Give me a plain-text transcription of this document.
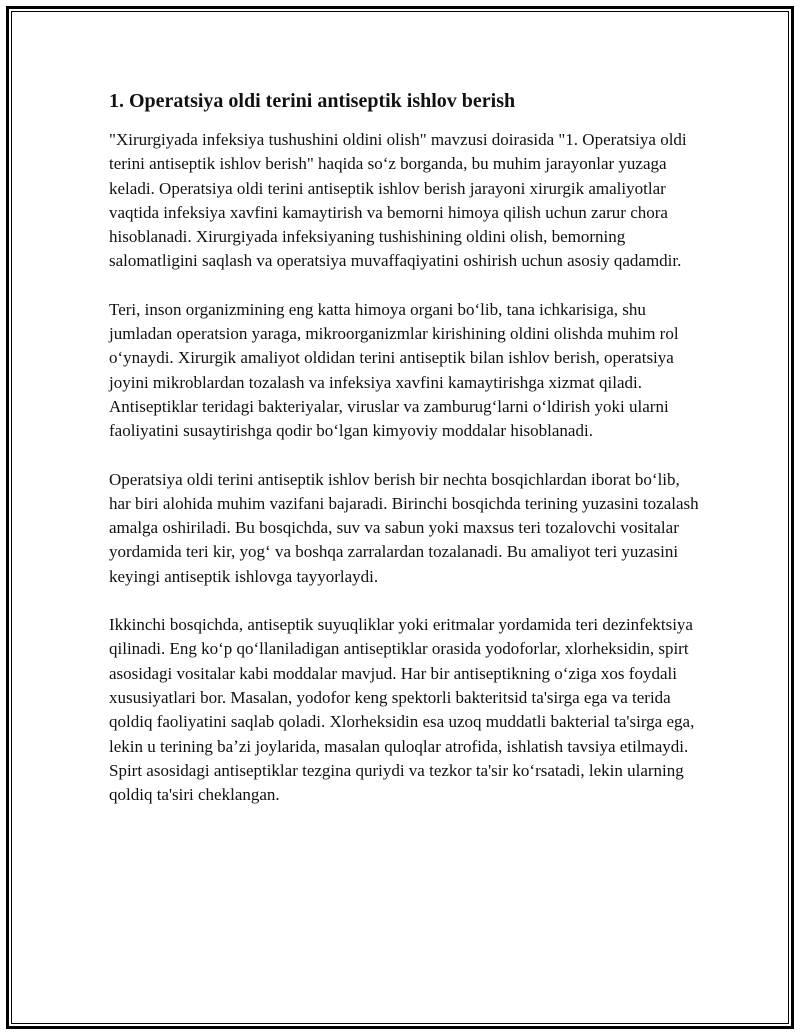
1. Operatsiya oldi terini antiseptik ishlov berish

"Xirurgiyada infeksiya tushushini oldini olish" mavzusi doirasida "1. Operatsiya oldi terini antiseptik ishlov berish" haqida soʻz borganda, bu muhim jarayonlar yuzaga keladi. Operatsiya oldi terini antiseptik ishlov berish jarayoni xirurgik amaliyotlar vaqtida infeksiya xavfini kamaytirish va bemorni himoya qilish uchun zarur chora hisoblanadi. Xirurgiyada infeksiyaning tushishining oldini olish, bemorning salomatligini saqlash va operatsiya muvaffaqiyatini oshirish uchun asosiy qadamdir.

Teri, inson organizmining eng katta himoya organi boʻlib, tana ichkarisiga, shu jumladan operatsion yaraga, mikroorganizmlar kirishining oldini olishda muhim rol oʻynaydi. Xirurgik amaliyot oldidan terini antiseptik bilan ishlov berish, operatsiya joyini mikroblardan tozalash va infeksiya xavfini kamaytirishga xizmat qiladi. Antiseptiklar teridagi bakteriyalar, viruslar va zamburugʻlarni oʻldirish yoki ularni faoliyatini susaytirishga qodir boʻlgan kimyoviy moddalar hisoblanadi.

Operatsiya oldi terini antiseptik ishlov berish bir nechta bosqichlardan iborat boʻlib, har biri alohida muhim vazifani bajaradi. Birinchi bosqichda terining yuzasini tozalash amalga oshiriladi. Bu bosqichda, suv va sabun yoki maxsus teri tozalovchi vositalar yordamida teri kir, yogʻ va boshqa zarralardan tozalanadi. Bu amaliyot teri yuzasini keyingi antiseptik ishlovga tayyorlaydi.

Ikkinchi bosqichda, antiseptik suyuqliklar yoki eritmalar yordamida teri dezinfektsiya qilinadi. Eng koʻp qoʻllaniladigan antiseptiklar orasida yodoforlar, xlorheksidin, spirt asosidagi vositalar kabi moddalar mavjud. Har bir antiseptikning oʻziga xos foydali xususiyatlari bor. Masalan, yodofor keng spektorli bakteritsid ta'sirga ega va terida qoldiq faoliyatini saqlab qoladi. Xlorheksidin esa uzoq muddatli bakterial ta'sirga ega, lekin u terining baʼzi joylarida, masalan quloqlar atrofida, ishlatish tavsiya etilmaydi. Spirt asosidagi antiseptiklar tezgina quriydi va tezkor ta'sir koʻrsatadi, lekin ularning qoldiq ta'siri cheklangan.
